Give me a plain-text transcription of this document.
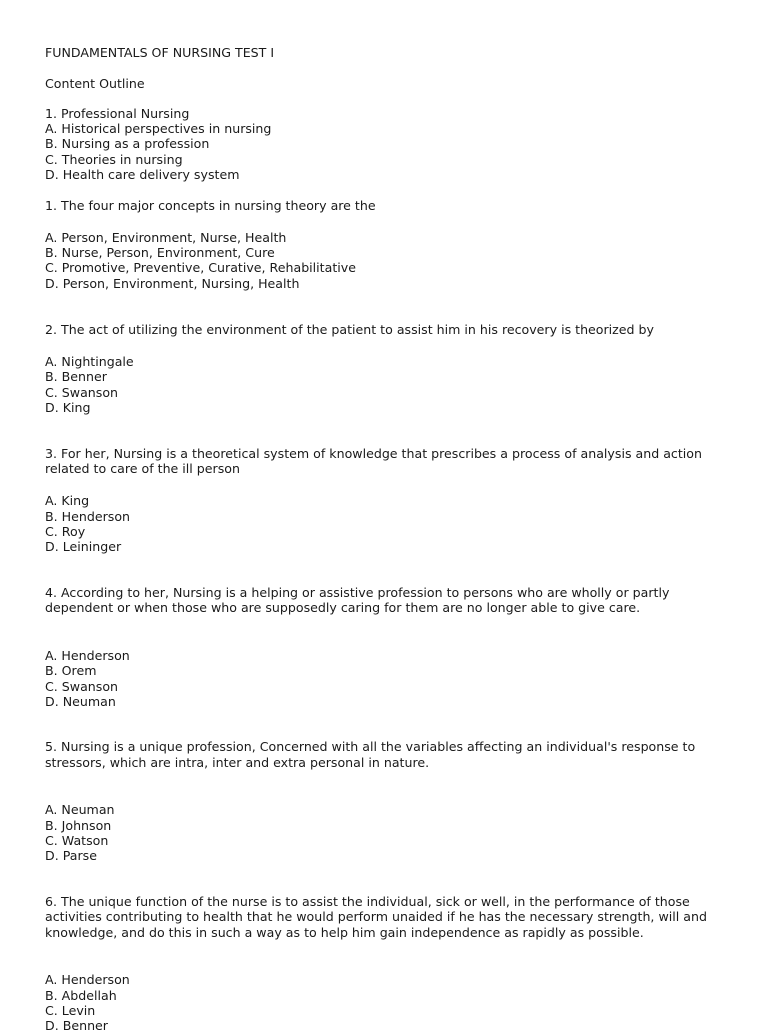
FUNDAMENTALS OF NURSING TEST I
Content Outline
1. Professional Nursing
A. Historical perspectives in nursing
B. Nursing as a profession
C. Theories in nursing
D. Health care delivery system
1. The four major concepts in nursing theory are the
A. Person, Environment, Nurse, Health
B. Nurse, Person, Environment, Cure
C. Promotive, Preventive, Curative, Rehabilitative
D. Person, Environment, Nursing, Health
2. The act of utilizing the environment of the patient to assist him in his recovery is theorized by
A. Nightingale
B. Benner
C. Swanson
D. King
3. For her, Nursing is a theoretical system of knowledge that prescribes a process of analysis and action
related to care of the ill person
A. King
B. Henderson
C. Roy
D. Leininger
4. According to her, Nursing is a helping or assistive profession to persons who are wholly or partly
dependent or when those who are supposedly caring for them are no longer able to give care.
A. Henderson
B. Orem
C. Swanson
D. Neuman
5. Nursing is a unique profession, Concerned with all the variables affecting an individual's response to
stressors, which are intra, inter and extra personal in nature.
A. Neuman
B. Johnson
C. Watson
D. Parse
6. The unique function of the nurse is to assist the individual, sick or well, in the performance of those
activities contributing to health that he would perform unaided if he has the necessary strength, will and
knowledge, and do this in such a way as to help him gain independence as rapidly as possible.
A. Henderson
B. Abdellah
C. Levin
D. Benner
